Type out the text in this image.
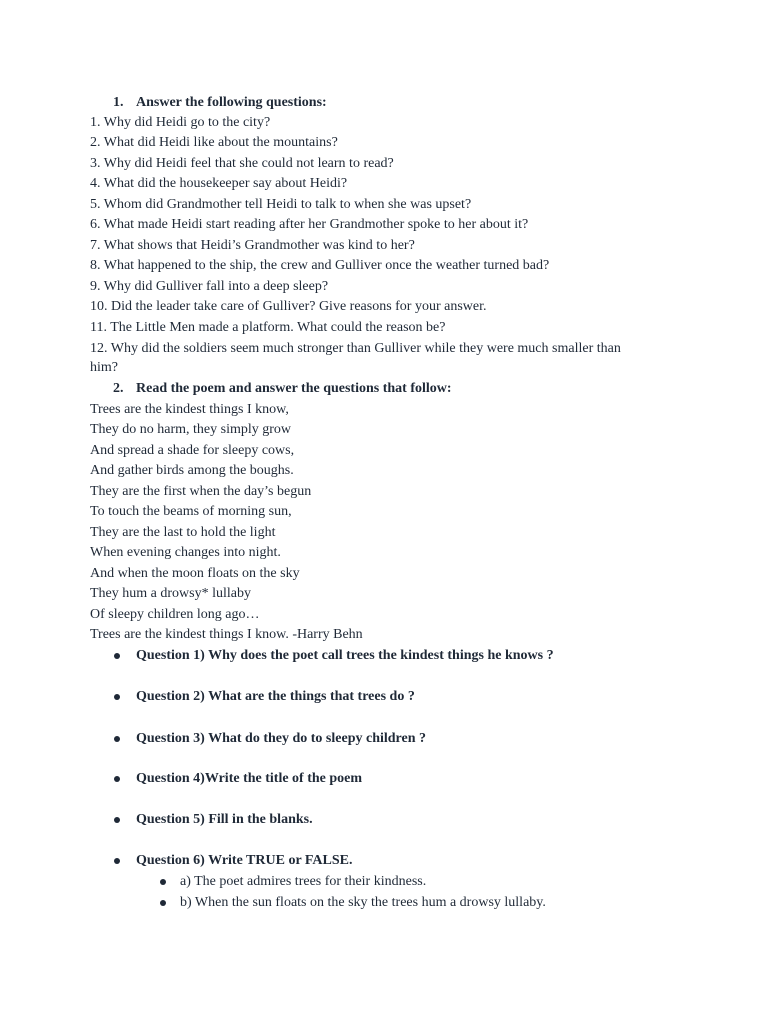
1. Answer the following questions:
1. Why did Heidi go to the city?
2. What did Heidi like about the mountains?
3. Why did Heidi feel that she could not learn to read?
4. What did the housekeeper say about Heidi?
5. Whom did Grandmother tell Heidi to talk to when she was upset?
6. What made Heidi start reading after her Grandmother spoke to her about it?
7. What shows that Heidi’s Grandmother was kind to her?
8. What happened to the ship, the crew and Gulliver once the weather turned bad?
9. Why did Gulliver fall into a deep sleep?
10. Did the leader take care of Gulliver? Give reasons for your answer.
11. The Little Men made a platform. What could the reason be?
12. Why did the soldiers seem much stronger than Gulliver while they were much smaller than
him?
2. Read the poem and answer the questions that follow:
Trees are the kindest things I know,
They do no harm, they simply grow
And spread a shade for sleepy cows,
And gather birds among the boughs.
They are the first when the day’s begun
To touch the beams of morning sun,
They are the last to hold the light
When evening changes into night.
And when the moon floats on the sky
They hum a drowsy* lullaby
Of sleepy children long ago…
Trees are the kindest things I know. -Harry Behn
Question 1) Why does the poet call trees the kindest things he knows ?
Question 2) What are the things that trees do ?
Question 3) What do they do to sleepy children ?
Question 4)Write the title of the poem
Question 5) Fill in the blanks.
Question 6) Write TRUE or FALSE.
a) The poet admires trees for their kindness.
b) When the sun floats on the sky the trees hum a drowsy lullaby.
